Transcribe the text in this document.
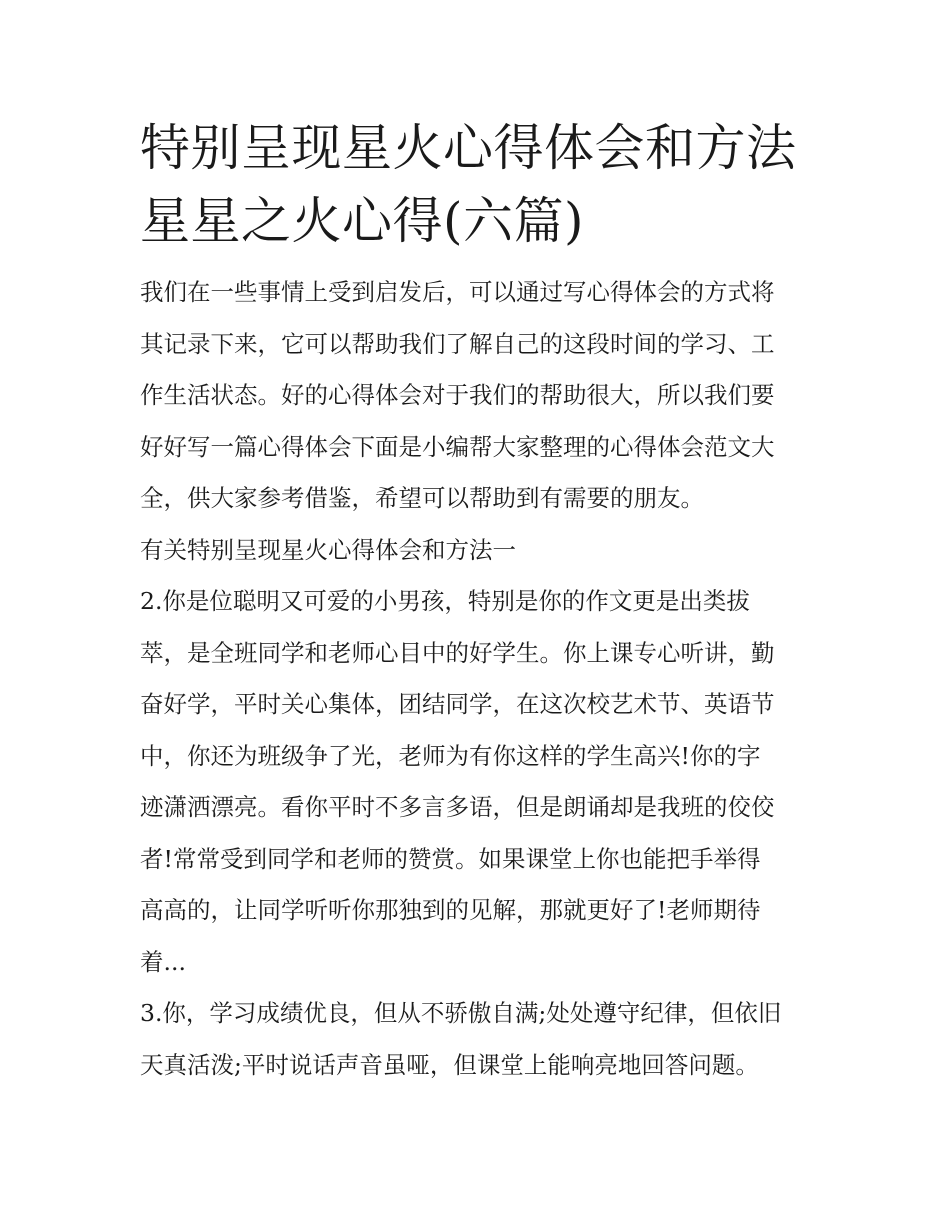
特别呈现星火心得体会和方法
星星之火心得(六篇)

我们在一些事情上受到启发后，可以通过写心得体会的方式将
其记录下来，它可以帮助我们了解自己的这段时间的学习、工
作生活状态。好的心得体会对于我们的帮助很大，所以我们要
好好写一篇心得体会下面是小编帮大家整理的心得体会范文大
全，供大家参考借鉴，希望可以帮助到有需要的朋友。

有关特别呈现星火心得体会和方法一

2.你是位聪明又可爱的小男孩，特别是你的作文更是出类拔
萃，是全班同学和老师心目中的好学生。你上课专心听讲，勤
奋好学，平时关心集体，团结同学，在这次校艺术节、英语节
中，你还为班级争了光，老师为有你这样的学生高兴!你的字
迹潇洒漂亮。看你平时不多言多语，但是朗诵却是我班的佼佼
者!常常受到同学和老师的赞赏。如果课堂上你也能把手举得
高高的，让同学听听你那独到的见解，那就更好了!老师期待
着...

3.你，学习成绩优良，但从不骄傲自满;处处遵守纪律，但依旧
天真活泼;平时说话声音虽哑，但课堂上能响亮地回答问题。
